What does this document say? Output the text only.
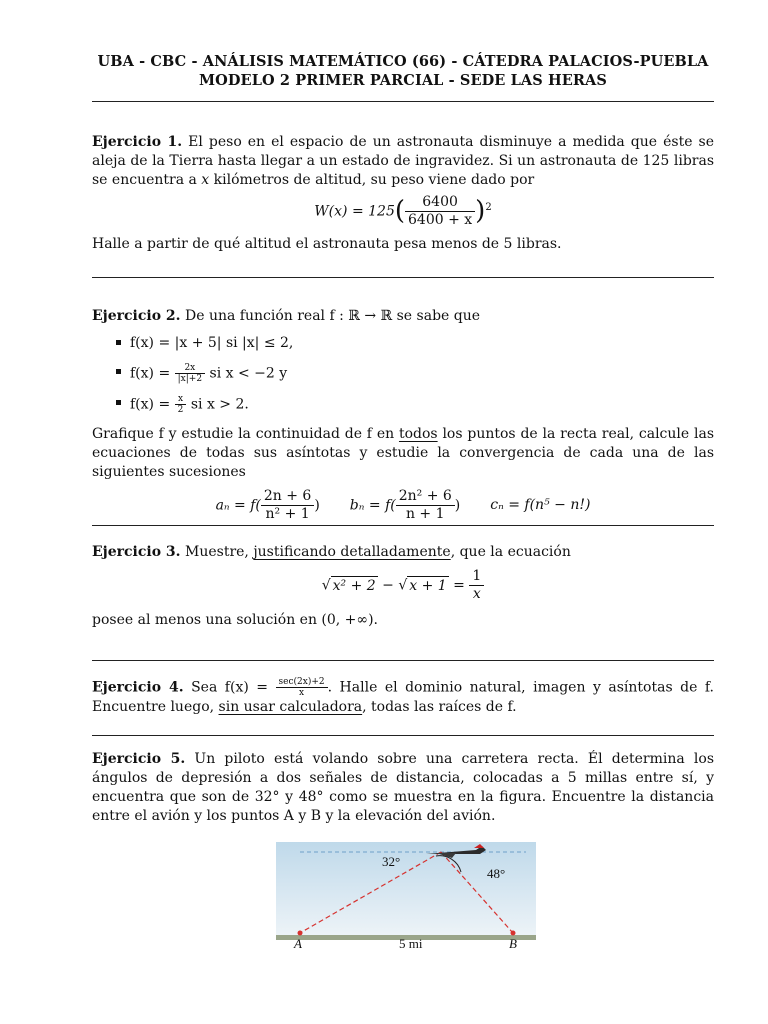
UBA - CBC - ANÁLISIS MATEMÁTICO (66) - CÁTEDRA PALACIOS-PUEBLA
MODELO 2 PRIMER PARCIAL - SEDE LAS HERAS
Ejercicio 1. El peso en el espacio de un astronauta disminuye a medida que éste se aleja de la Tierra hasta llegar a un estado de ingravidez. Si un astronauta de 125 libras se encuentra a x kilómetros de altitud, su peso viene dado por
$W(x) = 125( \frac{6400}{6400 + x} )^2$
Halle a partir de qué altitud el astronauta pesa menos de 5 libras.
Ejercicio 2. De una función real f : ℝ → ℝ se sabe que
f(x) = |x + 5| si |x| ≤ 2,
$f(x) = \frac{2x}{|x|+2}$ si x < −2 y
$f(x) = \frac{x}{2}$ si x > 2.
Grafique f y estudie la continuidad de f en todos los puntos de la recta real, calcule las ecuaciones de todas sus asíntotas y estudie la convergencia de cada una de las siguientes sucesiones
$a_n = f( \frac{2n + 6}{\text{n² + 1}}$ ) $b_n = f( \frac{\text{2n² + 6}}{n + 1}$ ) cₙ = f(n⁵ − n!)
Ejercicio 3. Muestre, justificando detalladamente, que la ecuación
√ x² + 2 − √ $x + 1 = \frac{1}{x}$
posee al menos una solución en (0, +∞).
Ejercicio 4. Sea $f(x) = \frac{\sec(2x)+2}{x}$ . Halle el dominio natural, imagen y asíntotas de f. Encuentre luego, sin usar calculadora, todas las raíces de f.
Ejercicio 5. Un piloto está volando sobre una carretera recta. Él determina los ángulos de depresión a dos señales de distancia, colocadas a 5 millas entre sí, y encuentra que son de 32° y 48° como se muestra en la figura. Encuentre la distancia entre el avión y los puntos A y B y la elevación del avión.
32°
48°
A	B
5 mi
